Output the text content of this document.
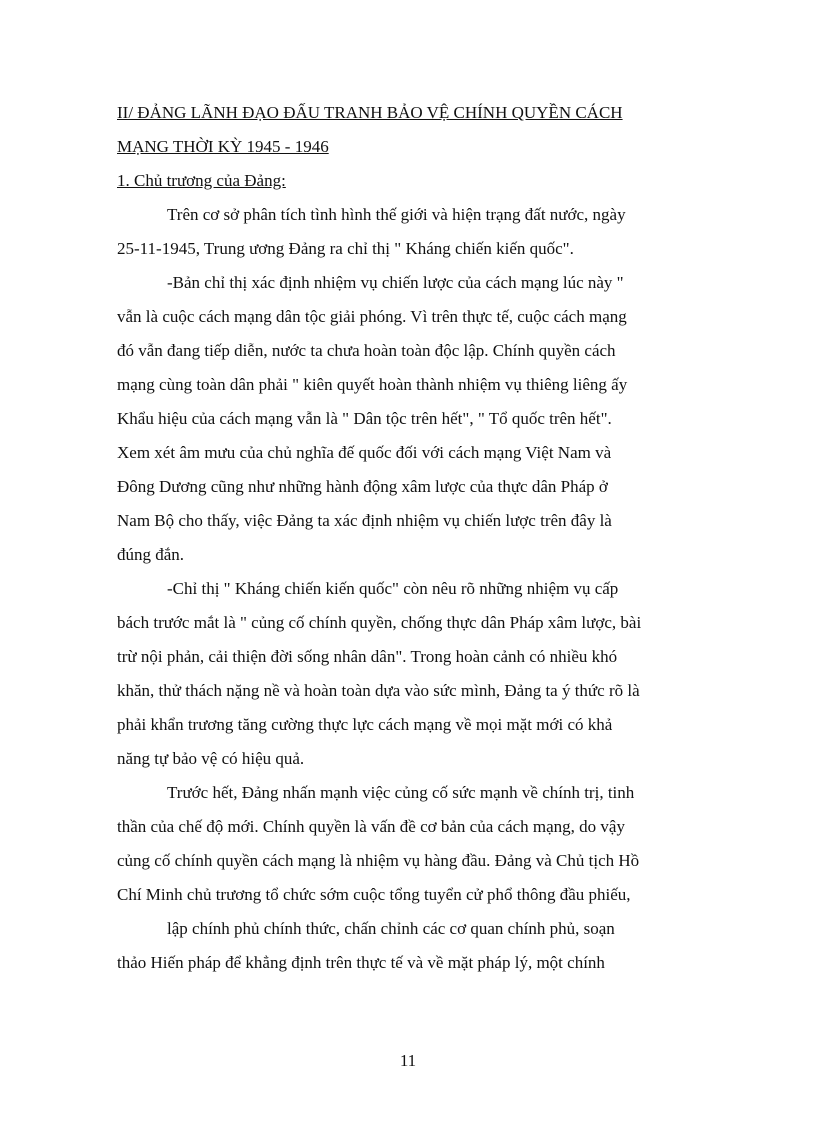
II/ ĐẢNG LÃNH ĐẠO ĐẤU TRANH BẢO VỆ CHÍNH QUYỀN CÁCH
MẠNG THỜI KỲ 1945 - 1946
1. Chủ trương của Đảng:

Trên cơ sở phân tích tình hình thế giới và hiện trạng đất nước, ngày
25-11-1945, Trung ương Đảng ra chỉ thị " Kháng chiến kiến quốc".

-Bản chỉ thị xác định nhiệm vụ chiến lược của cách mạng lúc này "
vẫn là cuộc cách mạng dân tộc giải phóng. Vì trên thực tế, cuộc cách mạng
đó vẫn đang tiếp diễn, nước ta chưa hoàn toàn độc lập. Chính quyền cách
mạng cùng toàn dân phải " kiên quyết hoàn thành nhiệm vụ thiêng liêng ấy
Khẩu hiệu của cách mạng vẫn là " Dân tộc trên hết", " Tổ quốc trên hết".
Xem xét âm mưu của chủ nghĩa đế quốc đối với cách mạng Việt Nam và
Đông Dương cũng như những hành động xâm lược của thực dân Pháp ở
Nam Bộ cho thấy, việc Đảng ta xác định nhiệm vụ chiến lược trên đây là
đúng đắn.

-Chỉ thị " Kháng chiến kiến quốc" còn nêu rõ những nhiệm vụ cấp
bách trước mắt là " củng cố chính quyền, chống thực dân Pháp xâm lược, bài
trừ nội phản, cải thiện đời sống nhân dân". Trong hoàn cảnh có nhiều khó
khăn, thử thách nặng nề và hoàn toàn dựa vào sức mình, Đảng ta ý thức rõ là
phải khẩn trương tăng cường thực lực cách mạng về mọi mặt mới có khả
năng tự bảo vệ có hiệu quả.

Trước hết, Đảng nhấn mạnh việc củng cố sức mạnh về chính trị, tinh
thần của chế độ mới. Chính quyền là vấn đề cơ bản của cách mạng, do vậy
củng cố chính quyền cách mạng là nhiệm vụ hàng đầu. Đảng và Chủ tịch Hồ
Chí Minh chủ trương tổ chức sớm cuộc tổng tuyển cử phổ thông đầu phiếu,

lập chính phủ chính thức, chấn chỉnh các cơ quan chính phủ, soạn
thảo Hiến pháp để khẳng định trên thực tế và về mặt pháp lý, một chính

11
